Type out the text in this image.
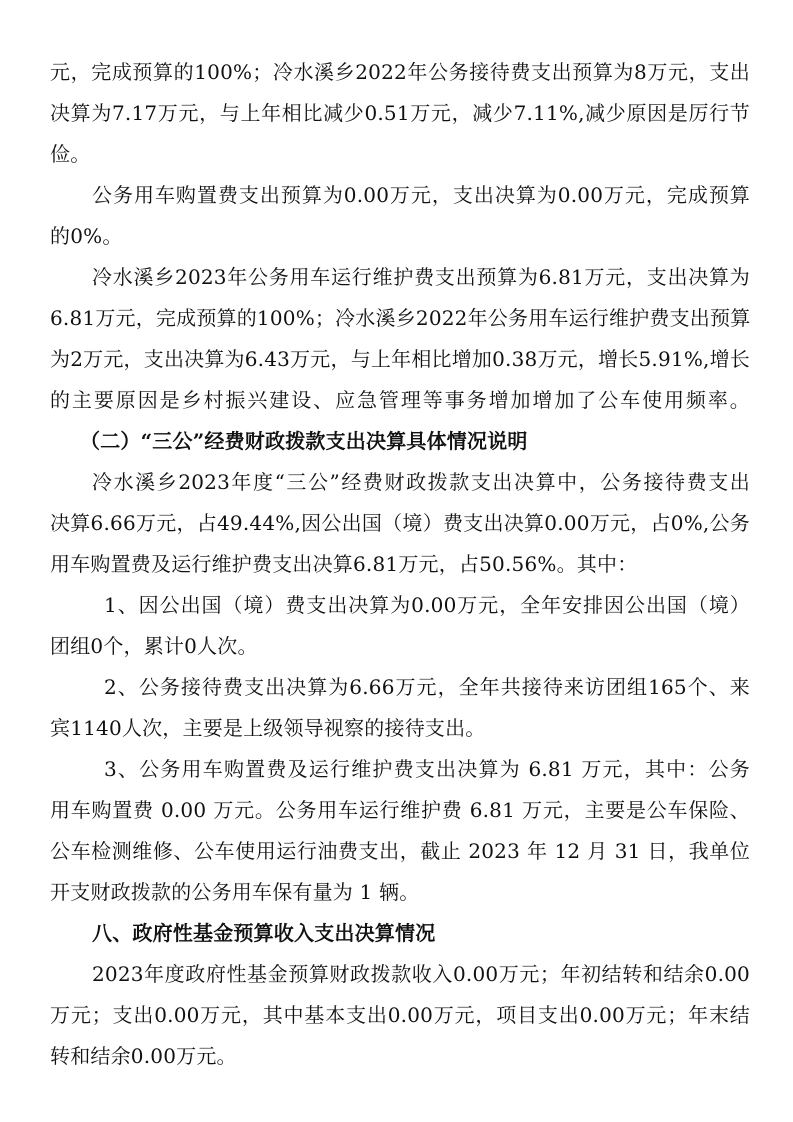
元，完成预算的100%；冷水溪乡2022年公务接待费支出预算为8万元，支出
决算为7.17万元，与上年相比减少0.51万元，减少7.11%,减少原因是厉行节
俭。
公务用车购置费支出预算为0.00万元，支出决算为0.00万元，完成预算
的0%。
冷水溪乡2023年公务用车运行维护费支出预算为6.81万元，支出决算为
6.81万元，完成预算的100%；冷水溪乡2022年公务用车运行维护费支出预算
为2万元，支出决算为6.43万元，与上年相比增加0.38万元，增长5.91%,增长
的主要原因是乡村振兴建设、应急管理等事务增加增加了公车使用频率。
（二）“三公”经费财政拨款支出决算具体情况说明
冷水溪乡2023年度“三公”经费财政拨款支出决算中，公务接待费支出
决算6.66万元，占49.44%,因公出国（境）费支出决算0.00万元，占0%,公务
用车购置费及运行维护费支出决算6.81万元，占50.56%。其中：
1、因公出国（境）费支出决算为0.00万元，全年安排因公出国（境）
团组0个，累计0人次。
2、公务接待费支出决算为6.66万元，全年共接待来访团组165个、来
宾1140人次，主要是上级领导视察的接待支出。
3、公务用车购置费及运行维护费支出决算为 6.81 万元，其中：公务
用车购置费 0.00 万元。公务用车运行维护费 6.81 万元，主要是公车保险、
公车检测维修、公车使用运行油费支出，截止 2023 年 12 月 31 日，我单位
开支财政拨款的公务用车保有量为 1 辆。
八、政府性基金预算收入支出决算情况
2023年度政府性基金预算财政拨款收入0.00万元；年初结转和结余0.00
万元；支出0.00万元，其中基本支出0.00万元，项目支出0.00万元；年末结
转和结余0.00万元。
